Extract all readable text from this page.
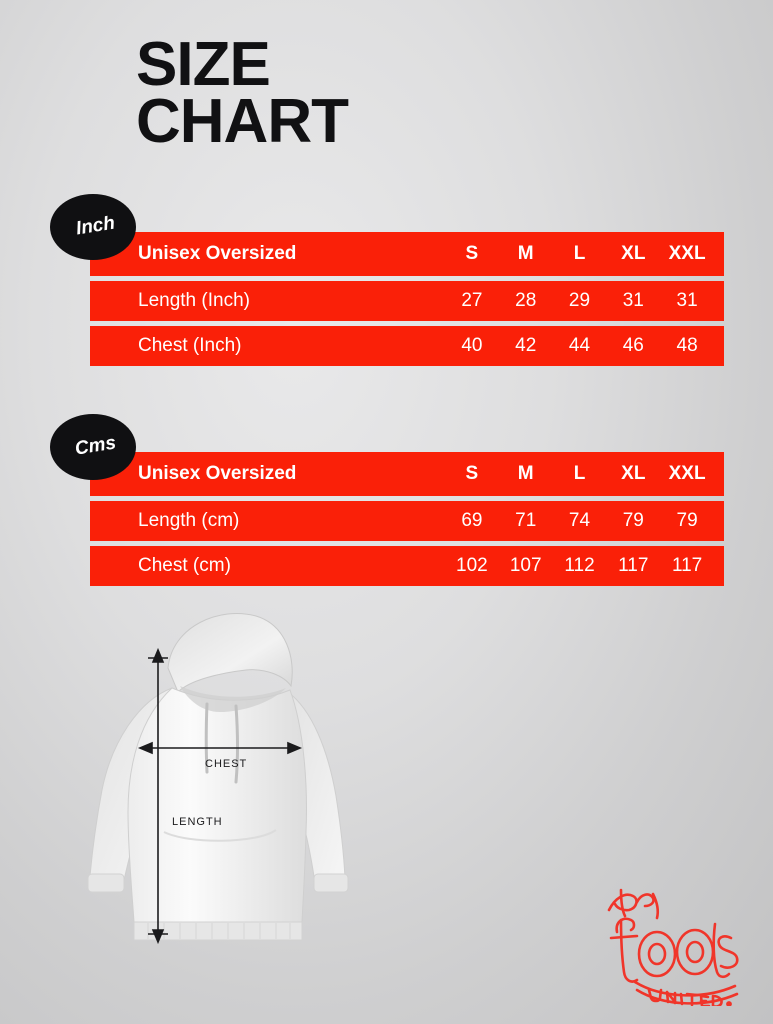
SIZE
CHART
Inch
Unisex Oversized	S	M	L	XL	XXL
Length (Inch)	27	28	29	31	31
Chest (Inch)	40	42	44	46	48
Cms
Unisex Oversized	S	M	L	XL	XXL
Length (cm)	69	71	74	79	79
Chest (cm)	102	107	112	117	117
CHEST
LENGTH
